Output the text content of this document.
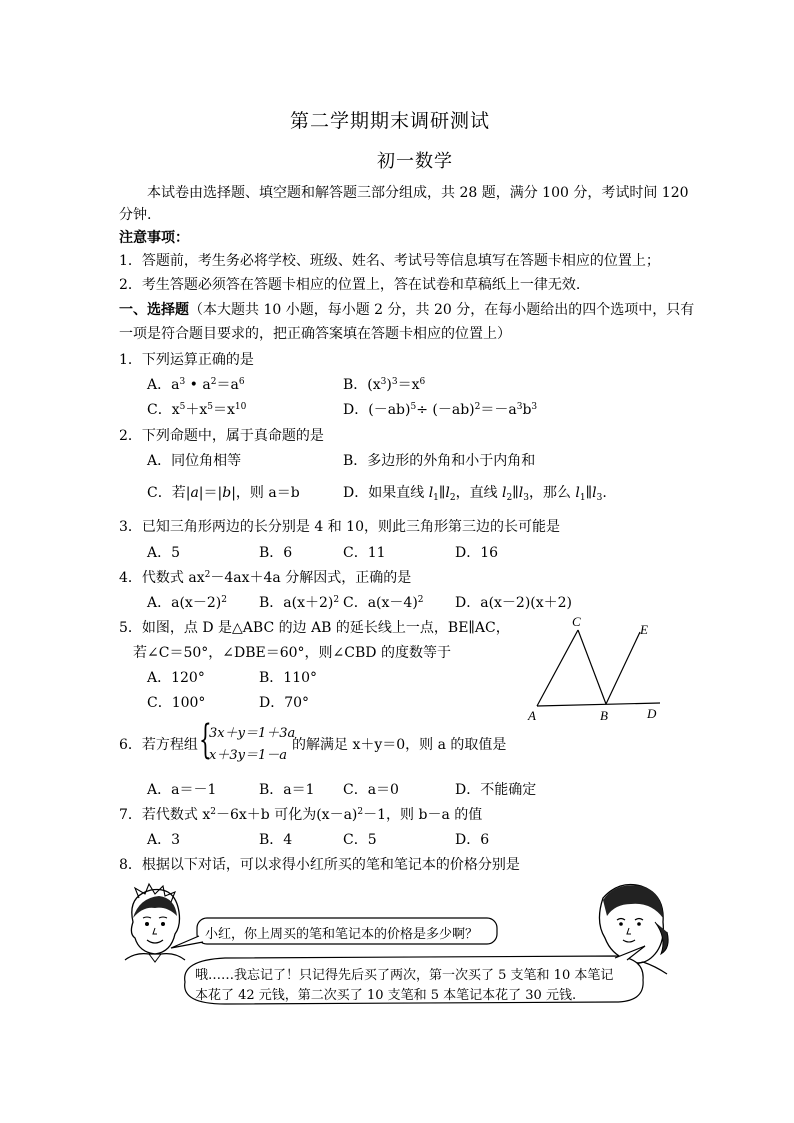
第二学期期末调研测试
初一数学
本试卷由选择题、填空题和解答题三部分组成，共 28 题，满分 100 分，考试时间 120
分钟.
注意事项：
1．答题前，考生务必将学校、班级、姓名、考试号等信息填写在答题卡相应的位置上；
2．考生答题必须答在答题卡相应的位置上，答在试卷和草稿纸上一律无效.
一、选择题（本大题共 10 小题，每小题 2 分，共 20 分，在每小题给出的四个选项中，只有
一项是符合题目要求的，把正确答案填在答题卡相应的位置上）
1．下列运算正确的是
A．$a^3$ • $a^2=a^6$	B．$(x^3)^3=x^6$
C．$x^5+x^5=x^{10}$	D．$(-ab)^5\div (-ab)^2=-a^3b^3$
2．下列命题中，属于真命题的是
A．同位角相等	B．多边形的外角和小于内角和
C．若|a|＝|b|，则 a＝b	D．如果直线 $l_1\parallel l_2$，直线 $l_2\parallel l_3$，那么 $l_1\parallel l_3$.
3．已知三角形两边的长分别是 4 和 10，则此三角形第三边的长可能是
A．5	B．6	C．11	D．16
4．代数式 $ax^2-4ax+4a$ 分解因式，正确的是
A．$a(x-2)^2$ B．$a(x+2)^2$ C．$a(x-4)^2$ D．a(x－2)(x＋2)
5．如图，点 D 是△ABC 的边 AB 的延长线上一点，BE∥AC，
若∠C＝50°，∠DBE＝60°，则∠CBD 的度数等于
A．120°	B．110°
C．100°	D．70°
C
E
A	B	D
6．若方程组 {
3x＋y＝1＋3a
x＋3y＝1－a
的解满足 x＋y＝0，则 a 的取值是
A．a＝－1	B．a＝1 C．a＝0	D．不能确定
7．若代数式 $x^2-6x+b$ 可化为$(x-a)^2-1$，则 b－a 的值
A．3	B．4	C．5	D．6
8．根据以下对话，可以求得小红所买的笔和笔记本的价格分别是
小红，你上周买的笔和笔记本的价格是多少啊？
哦……我忘记了！只记得先后买了两次，第一次买了 5 支笔和 10 本笔记
本花了 42 元钱，第二次买了 10 支笔和 5 本笔记本花了 30 元钱.
